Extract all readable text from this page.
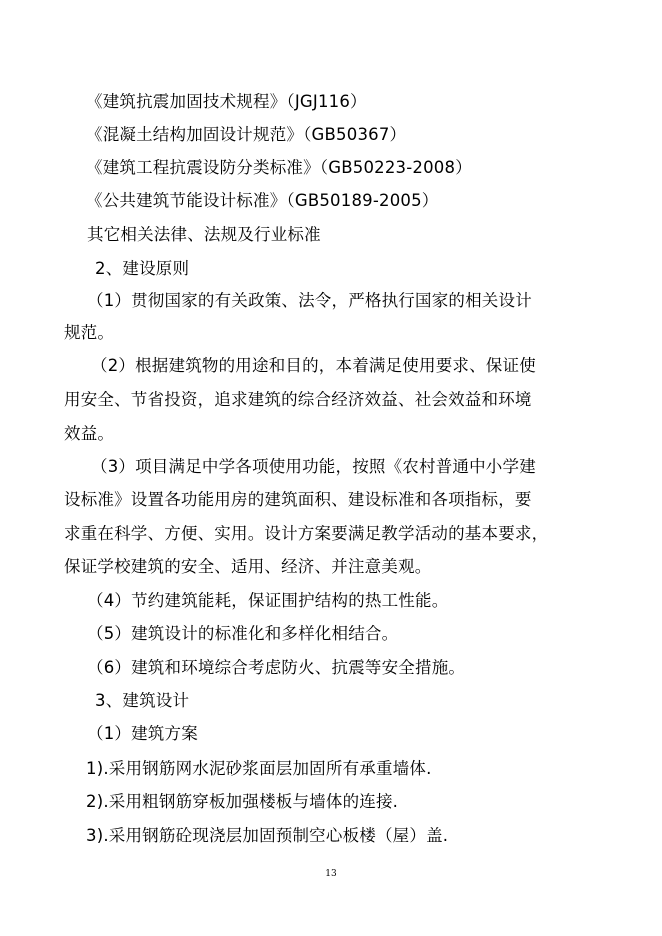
《建筑抗震加固技术规程》（JGJ116）
《混凝土结构加固设计规范》（GB50367）
《建筑工程抗震设防分类标准》（GB50223-2008）
《公共建筑节能设计标准》（GB50189-2005）
其它相关法律、法规及行业标准
2、建设原则
（1）贯彻国家的有关政策、法令，严格执行国家的相关设计
规范。
（2）根据建筑物的用途和目的，本着满足使用要求、保证使
用安全、节省投资，追求建筑的综合经济效益、社会效益和环境
效益。
（3）项目满足中学各项使用功能，按照《农村普通中小学建
设标准》设置各功能用房的建筑面积、建设标准和各项指标，要
求重在科学、方便、实用。设计方案要满足教学活动的基本要求，
保证学校建筑的安全、适用、经济、并注意美观。
（4）节约建筑能耗，保证围护结构的热工性能。
（5）建筑设计的标准化和多样化相结合。
（6）建筑和环境综合考虑防火、抗震等安全措施。
3、建筑设计
（1）建筑方案
1).采用钢筋网水泥砂浆面层加固所有承重墙体.
2).采用粗钢筋穿板加强楼板与墙体的连接.
3).采用钢筋砼现浇层加固预制空心板楼（屋）盖.
13
